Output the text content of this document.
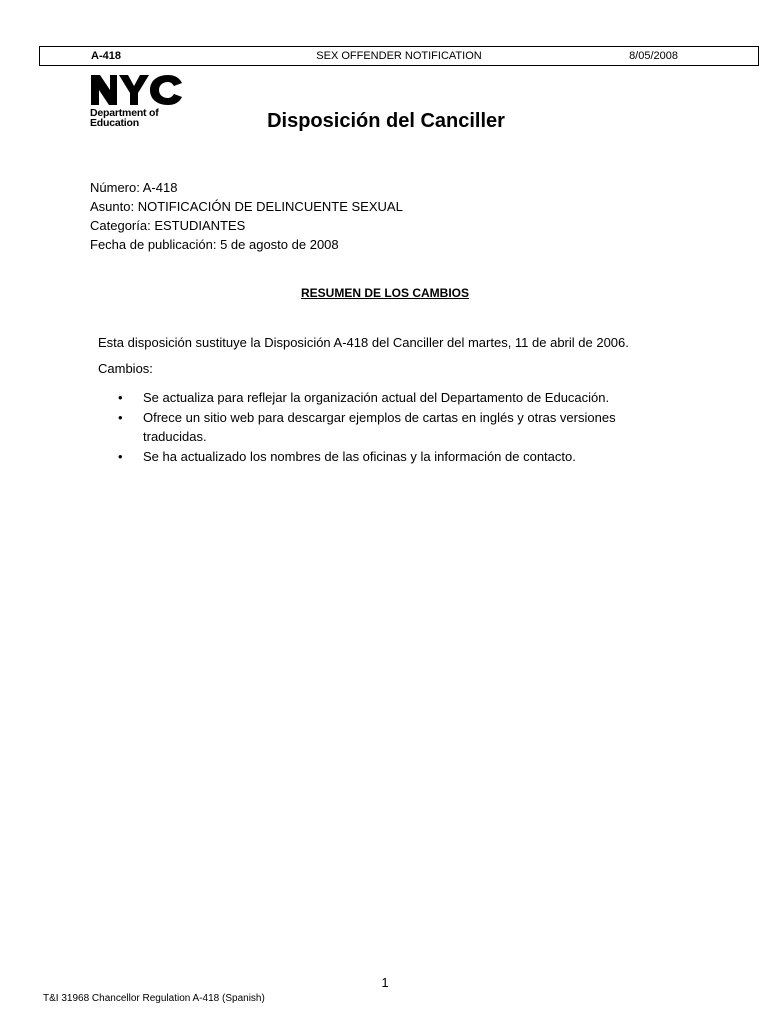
A-418	SEX OFFENDER NOTIFICATION	8/05/2008
Department of
Education	Disposición del Canciller
Número: A-418
Asunto: NOTIFICACIÓN DE DELINCUENTE SEXUAL
Categoría: ESTUDIANTES
Fecha de publicación: 5 de agosto de 2008
RESUMEN DE LOS CAMBIOS
Esta disposición sustituye la Disposición A-418 del Canciller del martes, 11 de abril de 2006.
Cambios:
• Se actualiza para reflejar la organización actual del Departamento de Educación.
• Ofrece un sitio web para descargar ejemplos de cartas en inglés y otras versiones traducidas.
• Se ha actualizado los nombres de las oficinas y la información de contacto.
1
T&I 31968 Chancellor Regulation A-418 (Spanish)
